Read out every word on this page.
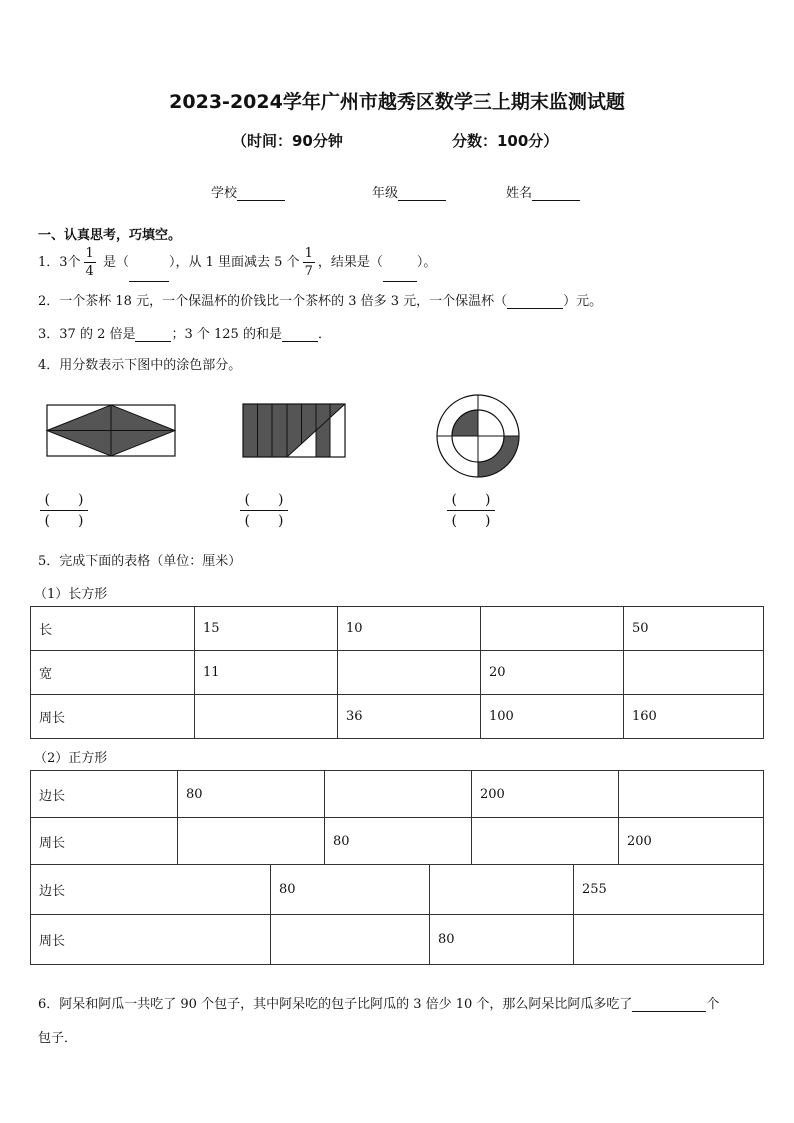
2023-2024学年广州市越秀区数学三上期末监测试题
（时间：90分钟	分数：100分）
学校	年级	姓名
一、认真思考，巧填空。
1．3个 $\frac{1}{4}$ 是（	），从 1 里面减去 5 个 $\frac{1}{7}$ ，结果是（	）。
2．一个茶杯 18 元，一个保温杯的价钱比一个茶杯的 3 倍多 3 元，一个保温杯（	）元。
3．37 的 2 倍是	；3 个 125 的和是	．
4．用分数表示下图中的涂色部分。
( )
( )
( )
( )
( )
( )
5．完成下面的表格（单位：厘米）
（1）长方形
长	15	10		50
宽	11		20	
周长		36	100	160
（2）正方形
边长	80		200	
周长		80		200
边长	80		255
周长		80	
6．阿呆和阿瓜一共吃了 90 个包子，其中阿呆吃的包子比阿瓜的 3 倍少 10 个，那么阿呆比阿瓜多吃了	个
包子．
